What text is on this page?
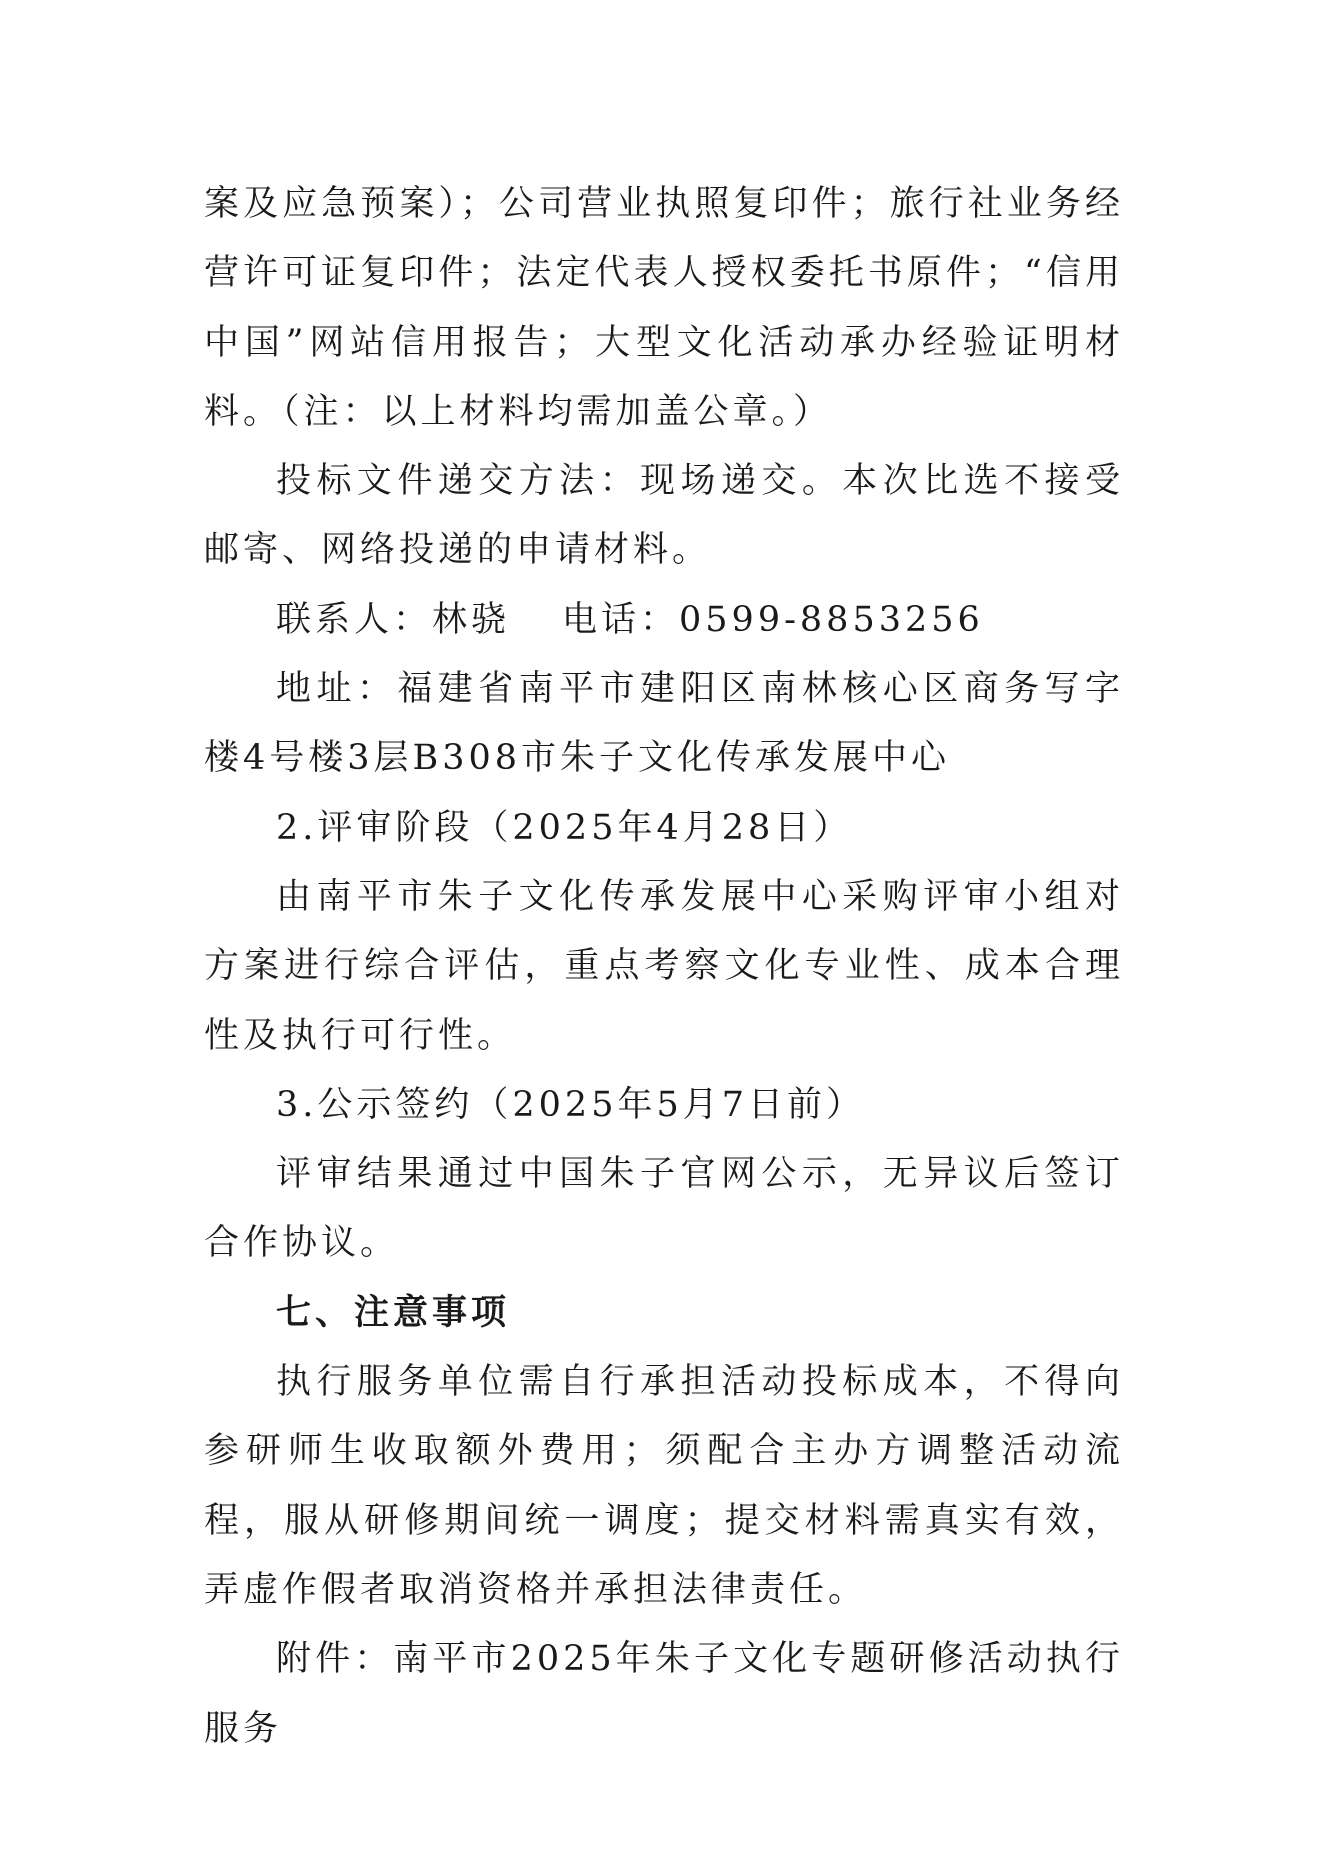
案及应急预案）；公司营业执照复印件；旅行社业务经营许可证复印件；法定代表人授权委托书原件；“信用中国”网站信用报告；大型文化活动承办经验证明材料。（注：以上材料均需加盖公章。）

投标文件递交方法：现场递交。本次比选不接受邮寄、网络投递的申请材料。

联系人：林骁 电话：0599-8853256

地址：福建省南平市建阳区南林核心区商务写字楼4号楼3层B308市朱子文化传承发展中心

2.评审阶段（2025年4月28日）

由南平市朱子文化传承发展中心采购评审小组对方案进行综合评估，重点考察文化专业性、成本合理性及执行可行性。

3.公示签约（2025年5月7日前）

评审结果通过中国朱子官网公示，无异议后签订合作协议。

七、注意事项

执行服务单位需自行承担活动投标成本，不得向参研师生收取额外费用；须配合主办方调整活动流程，服从研修期间统一调度；提交材料需真实有效，弄虚作假者取消资格并承担法律责任。

附件：南平市2025年朱子文化专题研修活动执行服务
